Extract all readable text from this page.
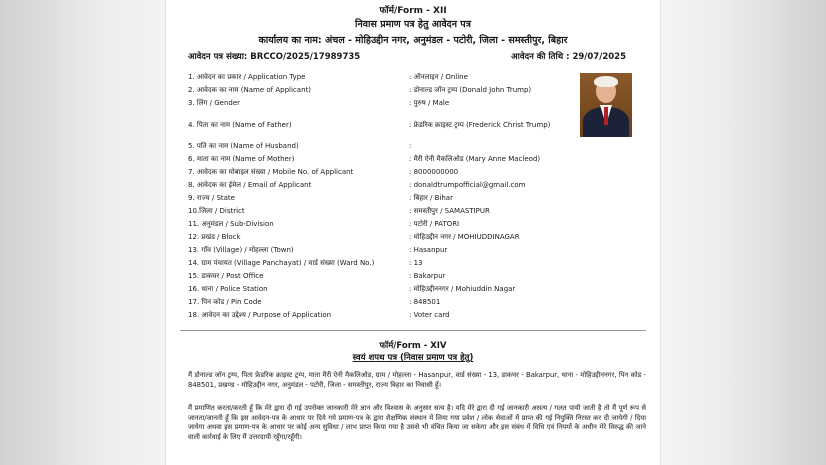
फॉर्म/Form - XII
निवास प्रमाण पत्र हेतु आवेदन पत्र
कार्यालय का नाम: अंचल - मोहिउद्दीन नगर, अनुमंडल - पटोरी, जिला - समस्तीपुर, बिहार
आवेदन पत्र संख्या: BRCCO/2025/17989735	आवेदन की तिथि : 29/07/2025
1. आवेदन का प्रकार / Application Type	: ऑनलाइन / Online
2. आवेदक का नाम (Name of Applicant)	: डोनाल्ड जॉन ट्रम्प (Donald John Trump)
3. लिंग / Gender	: पुरुष / Male
4. पिता का नाम (Name of Father)	: फ्रेडरिक क्राइस्ट ट्रम्प (Frederick Christ Trump)
5. पति का नाम (Name of Husband)	:
6. माता का नाम (Name of Mother)	: मैरी ऐनी मैकलिओड (Mary Anne Macleod)
7. आवेदक का मोबाइल संख्या / Mobile No. of Applicant	: 8000000000
8. आवेदक का ईमेल / Email of Applicant	: donaldtrumpofficial@gmail.com
9. राज्य / State	: बिहार / Bihar
10.जिला / District	: समस्तीपुर / SAMASTIPUR
11. अनुमंडल / Sub-Division	: पटोरी / PATORI
12. प्रखंड / Block	: मोहिउद्दीन नगर / MOHIUDDINAGAR
13. गाँव (Village) / मोहल्ला (Town)	: Hasanpur
14. ग्राम पंचायत (Village Panchayat) / वार्ड संख्या (Ward No.)	: 13
15. डाकघर / Post Office	: Bakarpur
16. थाना / Police Station	: मोहिउद्दीननगर / Mohiuddin Nagar
17. पिन कोड / Pin Code	: 848501
18. आवेदन का उद्देश्य / Purpose of Application	: Voter card
फॉर्म/Form - XIV
स्वयं शपथ पत्र (निवास प्रमाण पत्र हेतु)
मैं डोनाल्ड जॉन ट्रम्प, पिता फ्रेडरिक क्राइस्ट ट्रम्प, माता मैरी ऐनी मैकलिओड, ग्राम / मोहल्ला - Hasanpur, वार्ड संख्या - 13, डाकघर - Bakarpur, थाना - मोहिउद्दीननगर, पिन कोड - 848501, प्रखण्ड - मोहिउद्दीन नगर, अनुमंडल - पटोरी, जिला - समस्तीपुर, राज्य बिहार का निवासी हूँ।
मैं प्रमाणित करता/करती हूँ कि मेरे द्वारा दी गई उपरोक्त जानकारी मेरे ज्ञान और विश्वास के अनुसार सत्य है। यदि मेरे द्वारा दी गई जानकारी असत्य / गलत पायी जाती है तो मैं पूर्ण रूप से जानता/जानती हूँ कि इस आवेदन-पत्र के आधार पर दिये गये प्रमाण-पत्र के द्वारा शैक्षणिक संस्थान में लिया गया प्रवेश / लोक सेवाओं में प्राप्त की गई नियुक्ति निरस्त कर दी जायेगी / दिया जायेगा अथवा इस प्रमाण-पत्र के आधार पर कोई अन्य सुविधा / लाभ प्राप्त किया गया है उससे भी वंचित किया जा सकेगा और इस संबंध में विधि एवं नियमों के अधीन मेरे विरुद्ध की जाने वाली कार्रवाई के लिए मैं उत्तरदायी रहूँगा/रहूँगी।
